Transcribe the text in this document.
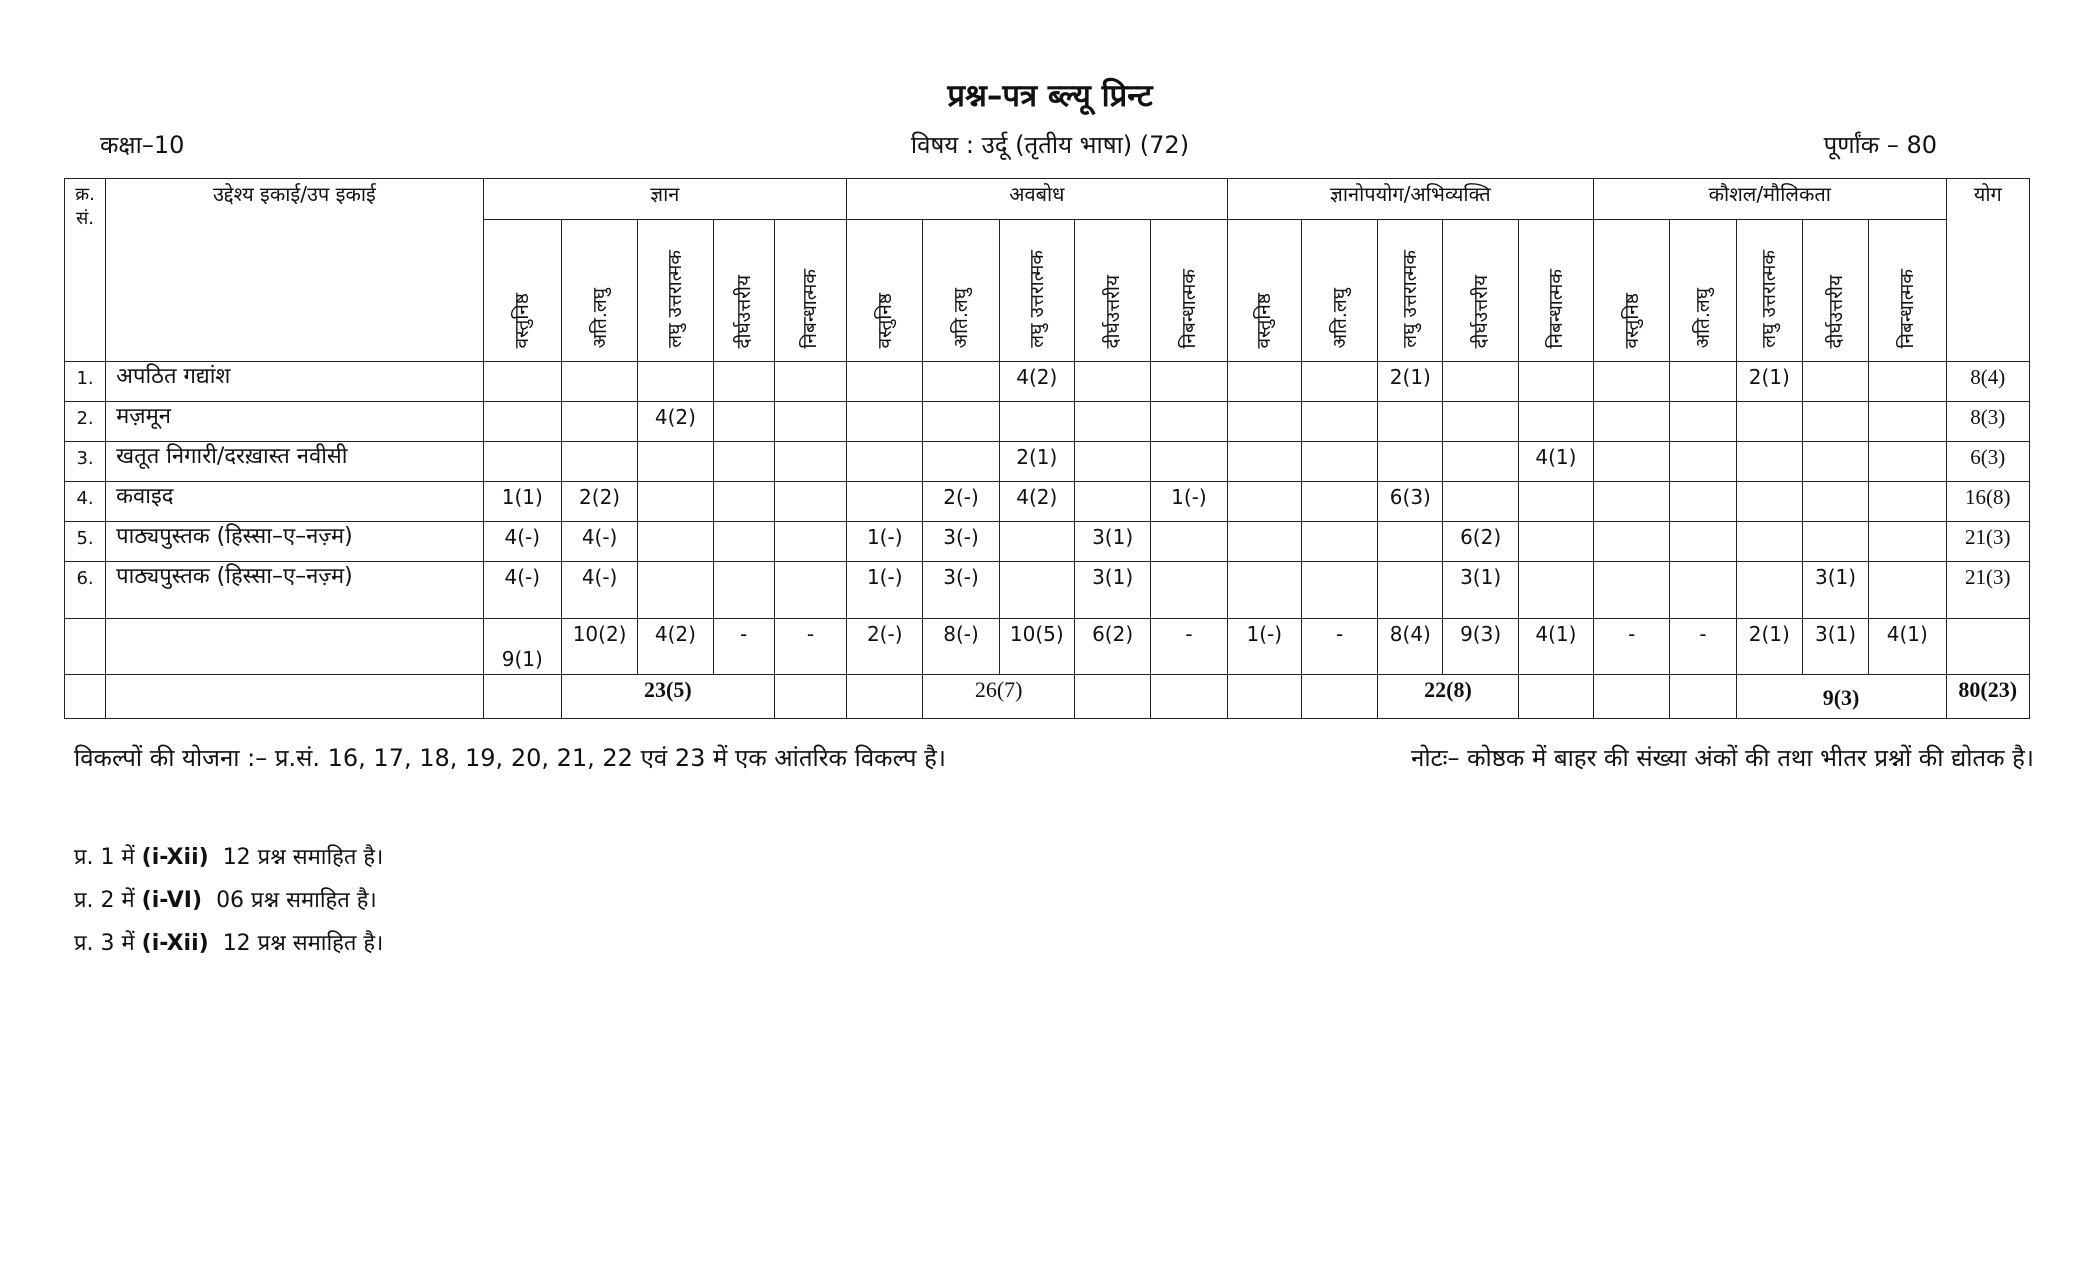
प्रश्न–पत्र ब्ल्यू प्रिन्ट
कक्षा–10	विषय : उर्दू (तृतीय भाषा) (72)	पूर्णांक – 80
क्र. सं.	उद्देश्य इकाई/उप इकाई	ज्ञान					अवबोध					ज्ञानोपयोग/अभिव्यक्ति					कौशल/मौलिकता					योग
		वस्तुनिष्ठ	अति.लघु	लघु उत्तरात्मक	दीर्घउत्तरीय	निबन्धात्मक	वस्तुनिष्ठ	अति.लघु	लघु उत्तरात्मक	दीर्घउत्तरीय	निबन्धात्मक	वस्तुनिष्ठ	अति.लघु	लघु उत्तरात्मक	दीर्घउत्तरीय	निबन्धात्मक	वस्तुनिष्ठ	अति.लघु	लघु उत्तरात्मक	दीर्घउत्तरीय	निबन्धात्मक	
1.	अपठित गद्यांश								4(2)					2(1)					2(1)			8(4)
2.	मज़मून			4(2)																		8(3)
3.	खतूत निगारी/दरख़ास्त नवीसी								2(1)							4(1)						6(3)
4.	कवाइद	1(1)	2(2)					2(-)	4(2)		1(-)			6(3)								16(8)
5.	पाठ्यपुस्तक (हिस्सा–ए–नज़्म)	4(-)	4(-)				1(-)	3(-)		3(1)					6(2)							21(3)
6.	पाठ्यपुस्तक (हिस्सा–ए–नज़्म)	4(-)	4(-)				1(-)	3(-)		3(1)					3(1)					3(1)		21(3)
		9(1)	10(2)	4(2)	-	-	2(-)	8(-)	10(5)	6(2)	-	1(-)	-	8(4)	9(3)	4(1)	-	-	2(1)	3(1)	4(1)	
			23(5)					26(7)						22(8)					9(3)			80(23)
विकल्पों की योजना :– प्र.सं. 16, 17, 18, 19, 20, 21, 22 एवं 23 में एक आंतरिक विकल्प है।	नोटः– कोष्ठक में बाहर की संख्या अंकों की तथा भीतर प्रश्नों की द्योतक है।
प्र. 1 में (i-Xii) 12 प्रश्न समाहित है।
प्र. 2 में (i-VI) 06 प्रश्न समाहित है।
प्र. 3 में (i-Xii) 12 प्रश्न समाहित है।
